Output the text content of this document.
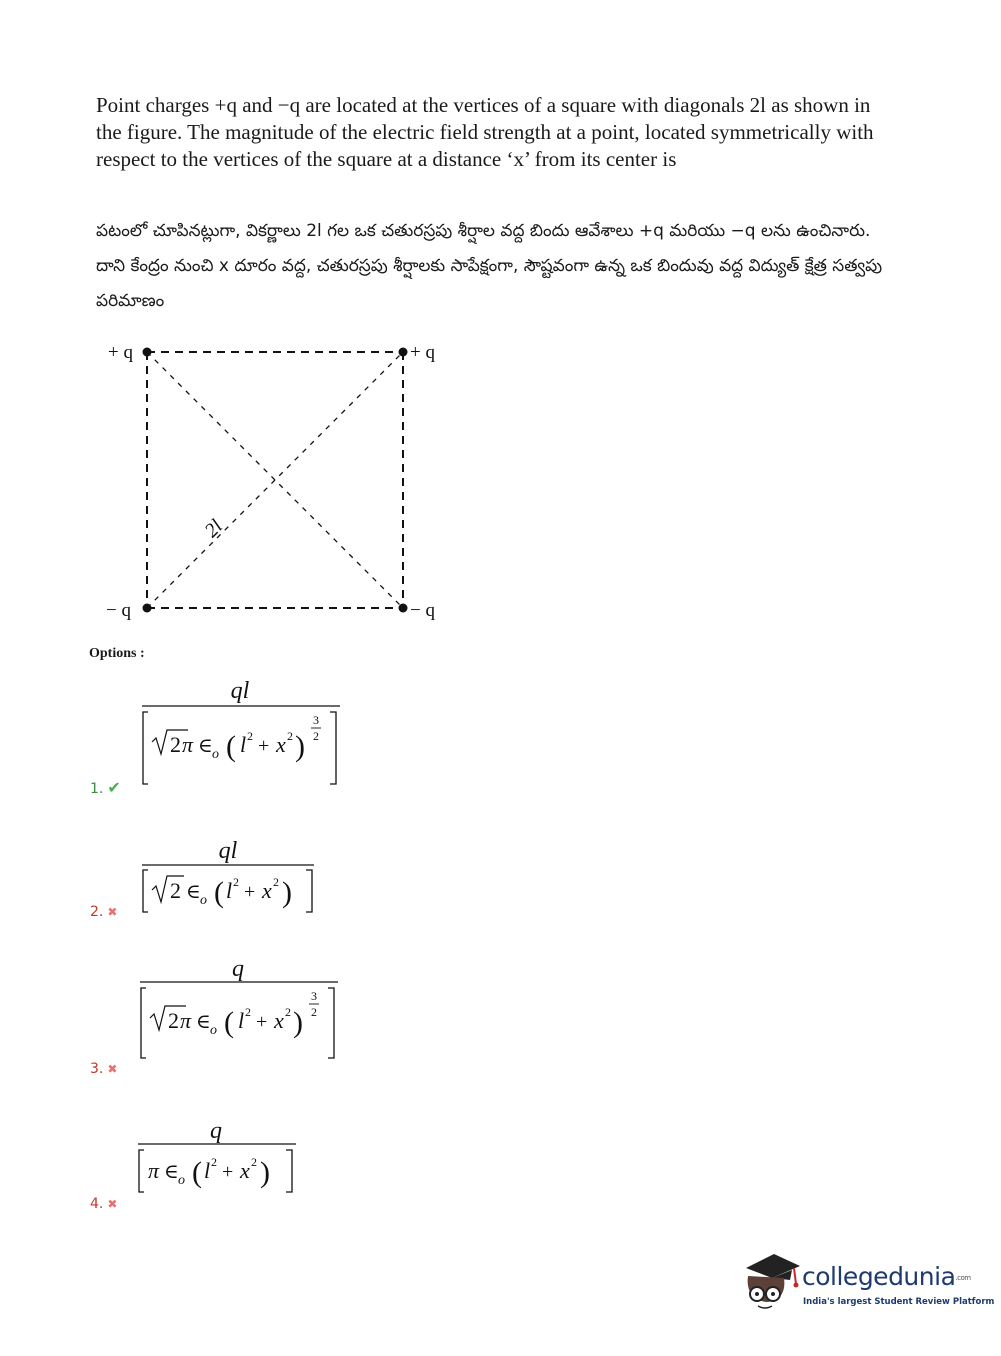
Point charges +q and −q are located at the vertices of a square with diagonals 2l as shown in the figure. The magnitude of the electric field strength at a point, located symmetrically with respect to the vertices of the square at a distance ‘x’ from its center is
పటంలో చూపినట్లుగా, వికర్ణాలు 2l గల ఒక చతురస్రపు శీర్షాల వద్ద బిందు ఆవేశాలు +q మరియు −q లను ఉంచినారు. దాని కేంద్రం నుంచి x దూరం వద్ద, చతురస్రపు శీర్షాలకు సాపేక్షంగా, సౌష్టవంగా ఉన్న ఒక బిందువు వద్ద విద్యుత్ క్షేత్ర సత్వపు పరిమాణం
+ q	+ q
− q	− q
2l
Options :
ql
2 π ∈ o ( l 2 + x 2 )
3
2
1. ✔
ql
2 ∈ o ( l 2 + x 2 )
2. ✖
q
2 π ∈ o ( l 2 + x 2 )
3
2
3. ✖
q
π ∈ o ( l 2 + x 2 )
4. ✖
collegedunia.com
India's largest Student Review Platform
